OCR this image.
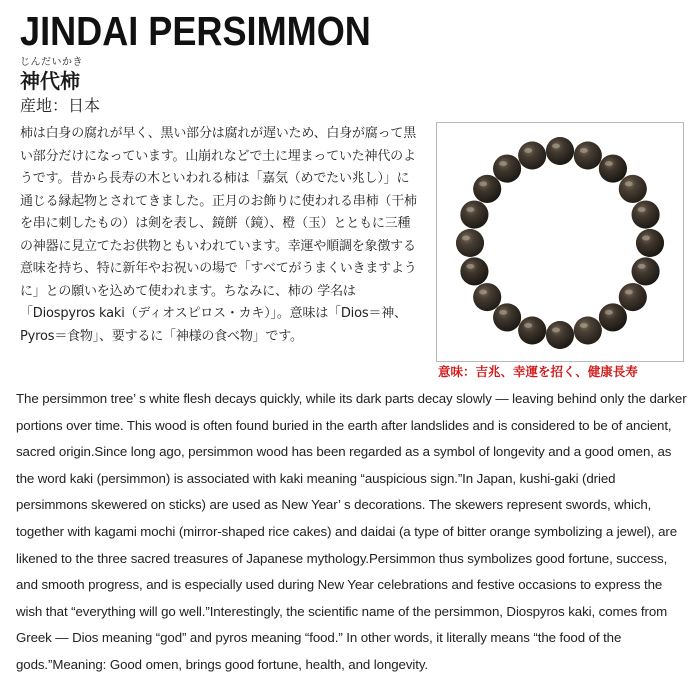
JINDAI PERSIMMON
じんだいかき
神代柿
産地：日本
柿は白身の腐れが早く、黒い部分は腐れが遅いため、白身が腐って黒い部分だけになっています。山崩れなどで土に埋まっていた神代のようです。昔から長寿の木といわれる柿は「嘉気（めでたい兆し）」に通じる縁起物とされてきました。正月のお飾りに使われる串柿（干柿を串に刺したもの）は剣を表し、鏡餅（鏡）、橙（玉）とともに三種の神器に見立てたお供物ともいわれています。幸運や順調を象徴する意味を持ち、特に新年やお祝いの場で「すべてがうまくいきますように」との願いを込めて使われます。ちなみに、柿の 学名は「Diospyros kaki（ディオスピロス・カキ）」。意味は「Dios＝神、Pyros＝食物」、要するに「神様の食べ物」です。
意味：吉兆、幸運を招く、健康長寿
The persimmon tree’ s white flesh decays quickly, while its dark parts decay slowly — leaving behind only the darker portions over time. This wood is often found buried in the earth after landslides and is considered to be of ancient, sacred origin.Since long ago, persimmon wood has been regarded as a symbol of longevity and a good omen, as the word kaki (persimmon) is associated with kaki meaning “auspicious sign.”In Japan, kushi-gaki (dried persimmons skewered on sticks) are used as New Year’ s decorations. The skewers represent swords, which, together with kagami mochi (mirror-shaped rice cakes) and daidai (a type of bitter orange symbolizing a jewel), are likened to the three sacred treasures of Japanese mythology.Persimmon thus symbolizes good fortune, success, and smooth progress, and is especially used during New Year celebrations and festive occasions to express the wish that “everything will go well.”Interestingly, the scientific name of the persimmon, Diospyros kaki, comes from Greek — Dios meaning “god” and pyros meaning “food.” In other words, it literally means “the food of the gods.”Meaning: Good omen, brings good fortune, health, and longevity.
